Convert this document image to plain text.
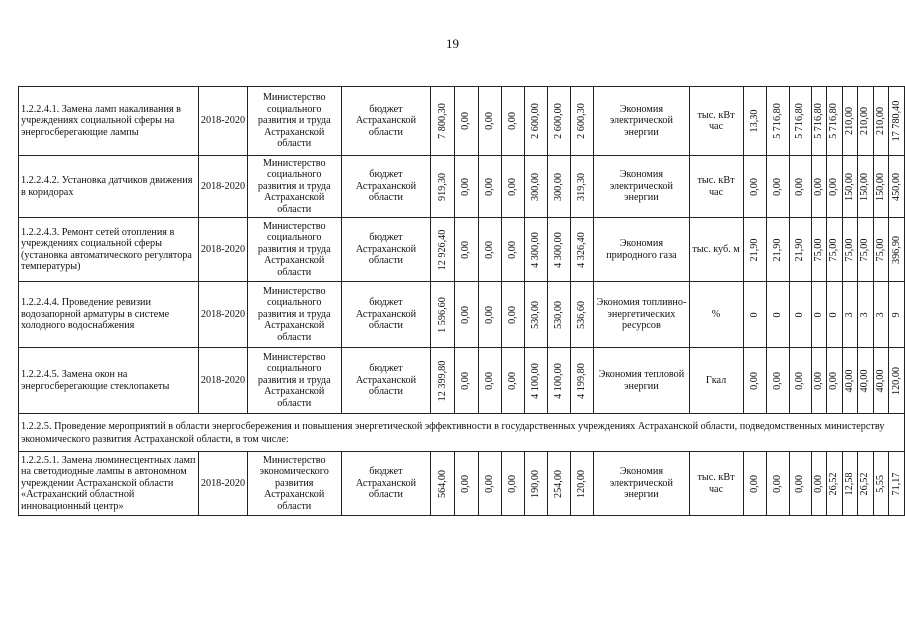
19
1.2.2.4.1. Замена ламп накаливания в учреждениях социальной сферы на энергосберегающие лампы	2018-2020	Министерство социального развития и труда Астраханской области	бюджет Астраханской области	7 800,30	0,00	0,00	0,00	2 600,00	2 600,00	2 600,30	Экономия электрической энергии	тыс. кВт час	13,30	5 716,80	5 716,80	5 716,80	5 716,80	210,00	210,00	210,00	17 780,40

1.2.2.4.2. Установка датчиков движения в коридорах	2018-2020	Министерство социального развития и труда Астраханской области	бюджет Астраханской области	919,30	0,00	0,00	0,00	300,00	300,00	319,30	Экономия электрической энергии	тыс. кВт час	0,00	0,00	0,00	0,00	0,00	150,00	150,00	150,00	450,00

1.2.2.4.3. Ремонт сетей отопления в учреждениях социальной сферы (установка автоматического регулятора температуры)	2018-2020	Министерство социального развития и труда Астраханской области	бюджет Астраханской области	12 926,40	0,00	0,00	0,00	4 300,00	4 300,00	4 326,40	Экономия природного газа	тыс. куб. м	21,90	21,90	21,90	75,00	75,00	75,00	75,00	75,00	396,90

1.2.2.4.4. Проведение ревизии водозапорной арматуры в системе холодного водоснабжения	2018-2020	Министерство социального развития и труда Астраханской области	бюджет Астраханской области	1 596,60	0,00	0,00	0,00	530,00	530,00	536,60	Экономия топливно-энергетических ресурсов	%	0	0	0	0	0	3	3	3	9

1.2.2.4.5. Замена окон на энергосберегающие стеклопакеты	2018-2020	Министерство социального развития и труда Астраханской области	бюджет Астраханской области	12 399,80	0,00	0,00	0,00	4 100,00	4 100,00	4 199,80	Экономия тепловой энергии	Гкал	0,00	0,00	0,00	0,00	0,00	40,00	40,00	40,00	120,00

1.2.2.5. Проведение мероприятий в области энергосбережения и повышения энергетической эффективности в государственных учреждениях Астраханской области, подведомственных министерству экономического развития Астраханской области, в том числе:																					
1.2.2.5.1. Замена люминесцентных ламп на светодиодные лампы в автономном учреждении Астраханской области «Астраханский областной инновационный центр»	2018-2020	Министерство экономического развития Астраханской области	бюджет Астраханской области	564,00	0,00	0,00	0,00	190,00	254,00	120,00	Экономия электрической энергии	тыс. кВт час	0,00	0,00	0,00	0,00	26,52	12,58	26,52	5,55	71,17
